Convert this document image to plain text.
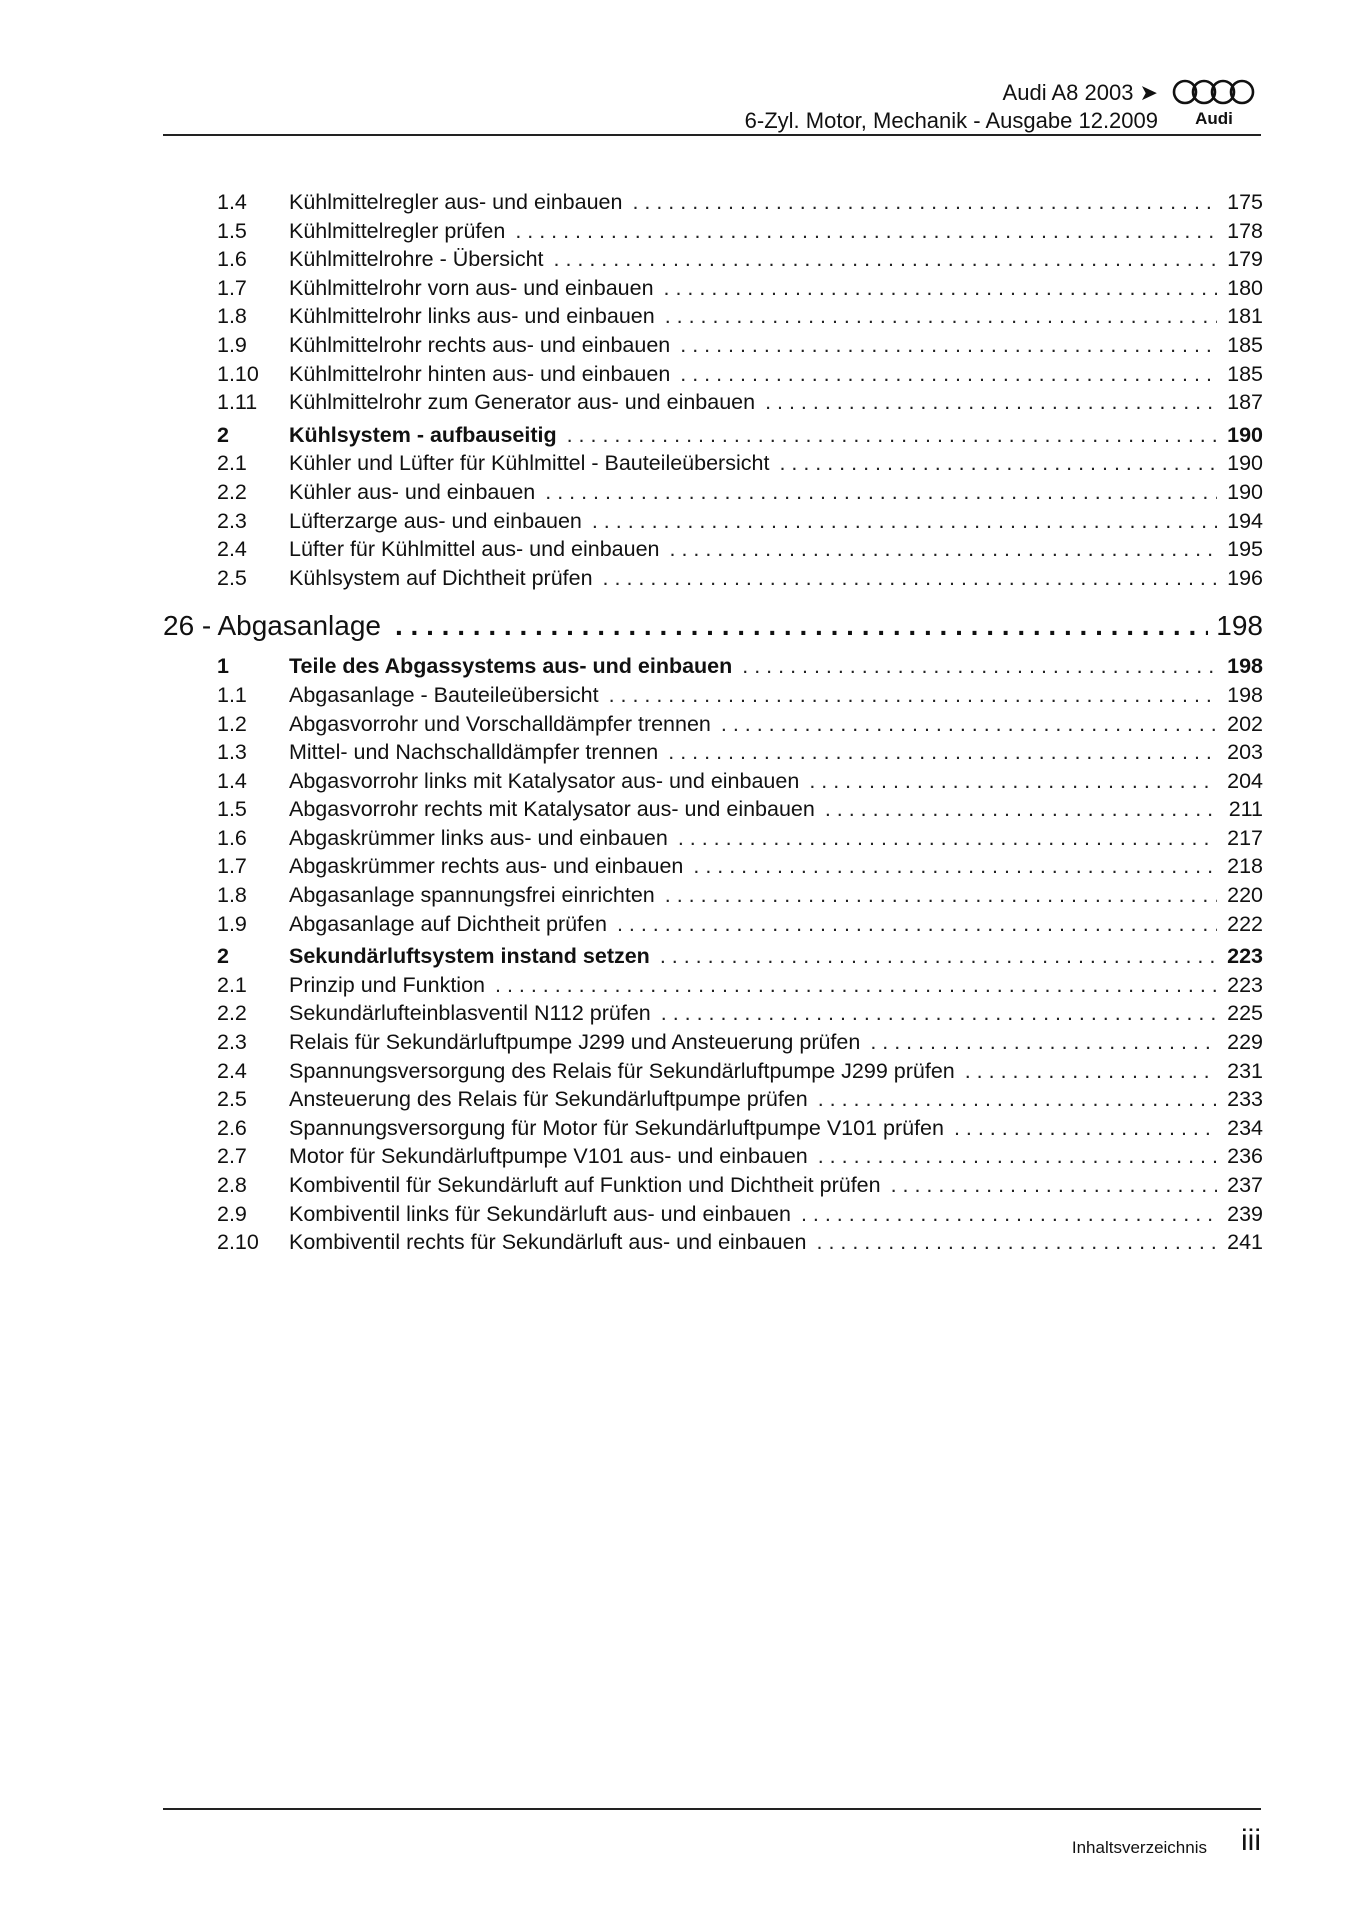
Audi A8 2003 ➤
6-Zyl. Motor, Mechanik - Ausgabe 12.2009 Audi
1.4	Kühlmittelregler aus- und einbauen . . .	175
1.5	Kühlmittelregler prüfen . . .	178
1.6	Kühlmittelrohre - Übersicht . . .	179
1.7	Kühlmittelrohr vorn aus- und einbauen . . .	180
1.8	Kühlmittelrohr links aus- und einbauen . . .	181
1.9	Kühlmittelrohr rechts aus- und einbauen . . .	185
1.10	Kühlmittelrohr hinten aus- und einbauen . . .	185
1.11	Kühlmittelrohr zum Generator aus- und einbauen . . .	187
2	Kühlsystem - aufbauseitig . . .	190
2.1	Kühler und Lüfter für Kühlmittel - Bauteileübersicht . . .	190
2.2	Kühler aus- und einbauen . . .	190
2.3	Lüfterzarge aus- und einbauen . . .	194
2.4	Lüfter für Kühlmittel aus- und einbauen . . .	195
2.5	Kühlsystem auf Dichtheit prüfen . . .	196
26 - Abgasanlage . . .	198
1	Teile des Abgassystems aus- und einbauen . . .	198
1.1	Abgasanlage - Bauteileübersicht . . .	198
1.2	Abgasvorrohr und Vorschalldämpfer trennen . . .	202
1.3	Mittel- und Nachschalldämpfer trennen . . .	203
1.4	Abgasvorrohr links mit Katalysator aus- und einbauen . . .	204
1.5	Abgasvorrohr rechts mit Katalysator aus- und einbauen . . .	211
1.6	Abgaskrümmer links aus- und einbauen . . .	217
1.7	Abgaskrümmer rechts aus- und einbauen . . .	218
1.8	Abgasanlage spannungsfrei einrichten . . .	220
1.9	Abgasanlage auf Dichtheit prüfen . . .	222
2	Sekundärluftsystem instand setzen . . .	223
2.1	Prinzip und Funktion . . .	223
2.2	Sekundärlufteinblasventil N112 prüfen . . .	225
2.3	Relais für Sekundärluftpumpe J299 und Ansteuerung prüfen . . .	229
2.4	Spannungsversorgung des Relais für Sekundärluftpumpe J299 prüfen . . .	231
2.5	Ansteuerung des Relais für Sekundärluftpumpe prüfen . . .	233
2.6	Spannungsversorgung für Motor für Sekundärluftpumpe V101 prüfen . . .	234
2.7	Motor für Sekundärluftpumpe V101 aus- und einbauen . . .	236
2.8	Kombiventil für Sekundärluft auf Funktion und Dichtheit prüfen . . .	237
2.9	Kombiventil links für Sekundärluft aus- und einbauen . . .	239
2.10	Kombiventil rechts für Sekundärluft aus- und einbauen . . .	241
Inhaltsverzeichnis iii
